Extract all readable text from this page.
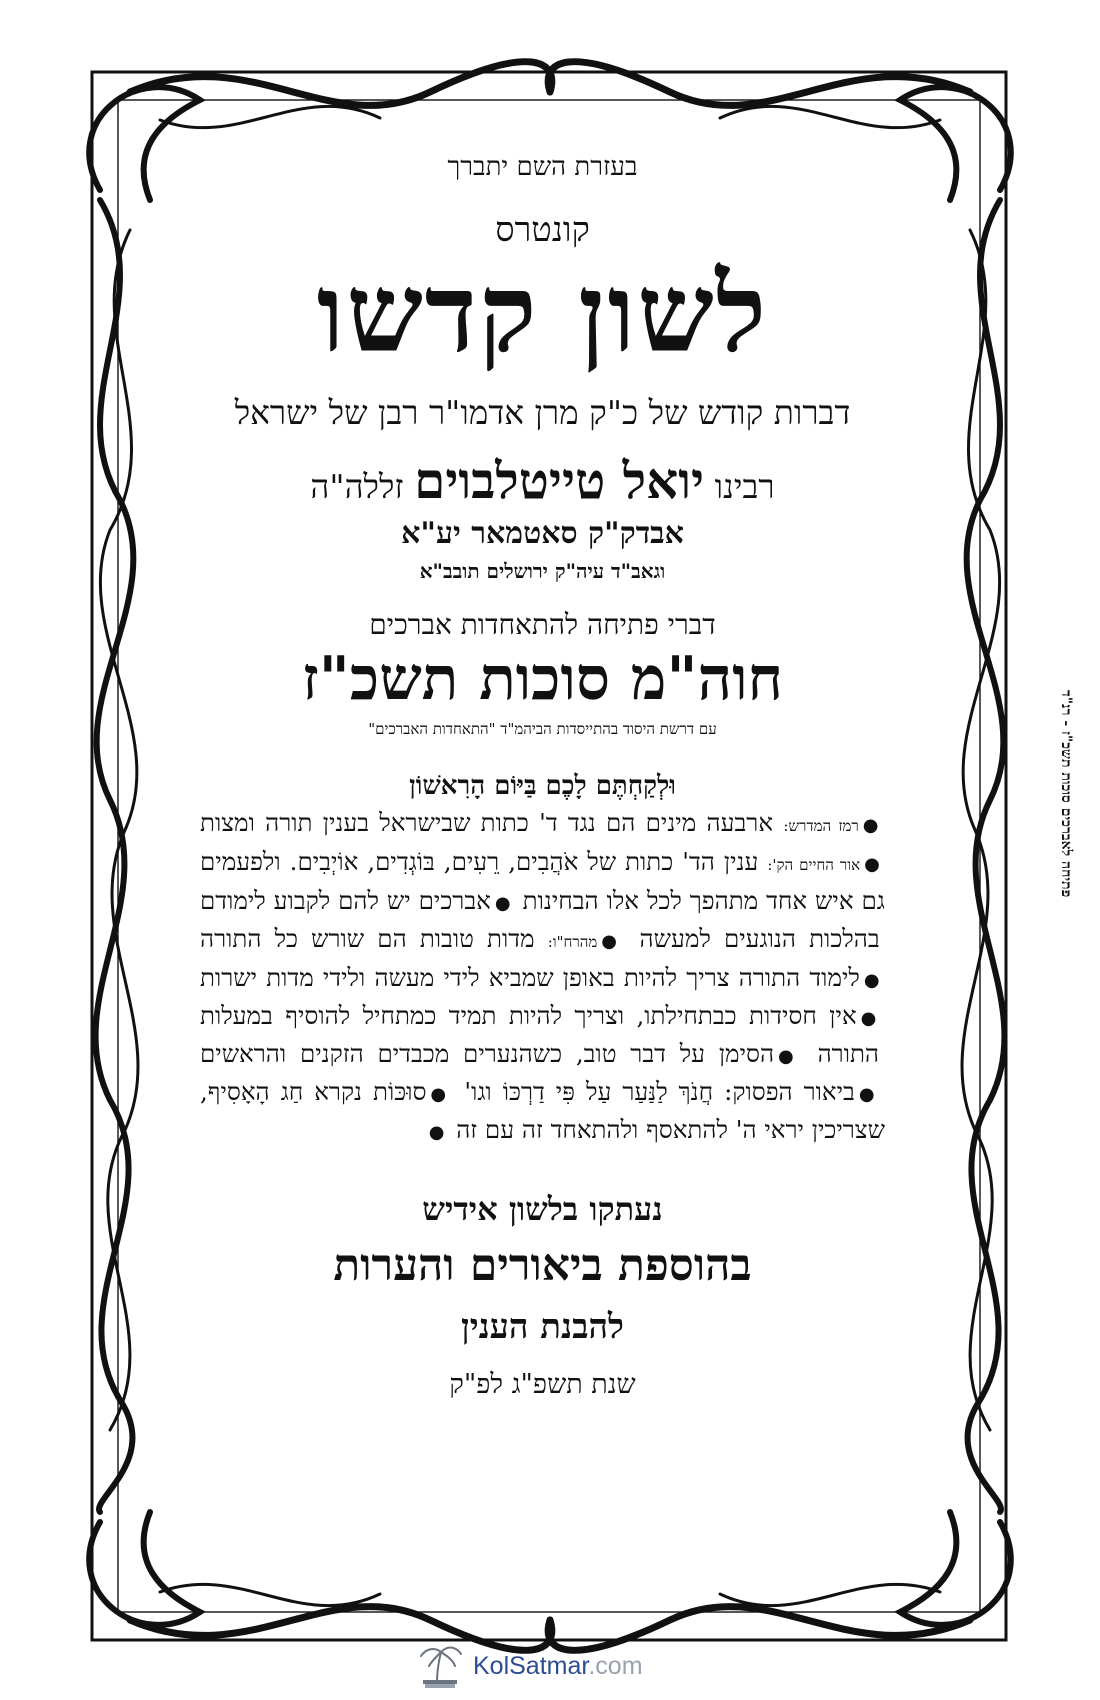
בעזרת השם יתברך
קונטרס
לשון קדשו
דברות קודש של כ"ק מרן אדמו"ר רבן של ישראל
רבינו יואל טייטלבוים זללה"ה
אבדק"ק סאטמאר יע"א
וגאב"ד עיה"ק ירושלים תובב"א
דברי פתיחה להתאחדות אברכים
חוה"מ סוכות תשכ"ז
עם דרשת היסוד בהתייסדות הביהמ"ד "התאחדות האברכים"
וּלְקַחְתֶּם לָכֶם בַּיּוֹם הָרִאשׁוֹן
●רמז המדרש: ארבעה מינים הם נגד ד' כתות שבישראל בענין תורה ומצות ●אור החיים הק': ענין הד' כתות של אֹהֲבִים, רֵעִים, בּוֹגְדִים, אוֹיְבִים. ולפעמים גם איש אחד מתהפך לכל אלו הבחינות ●אברכים יש להם לקבוע לימודם בהלכות הנוגעים למעשה ●מהרח"ו: מדות טובות הם שורש כל התורה ●לימוד התורה צריך להיות באופן שמביא לידי מעשה ולידי מדות ישרות ●אין חסידות כבתחילתו, וצריך להיות תמיד כמתחיל להוסיף במעלות התורה ●הסימן על דבר טוב, כשהנערים מכבדים הזקנים והראשים ●ביאור הפסוק: חֲנֹךְ לַנַּעַר עַל פִּי דַרְכּוֹ וגו' ●סוּכּוֹת נקרא חַג הָאָסִיף, שצריכין יראי ה' להתאסף ולהתאחד זה עם זה ●
נעתקו בלשון אידיש
בהוספת ביאורים והערות
להבנת הענין
שנת תשפ"ג לפ"ק
פתיחה לאברכים סוכות תשכ"ז - רנ"ד
KolSatmar.com
